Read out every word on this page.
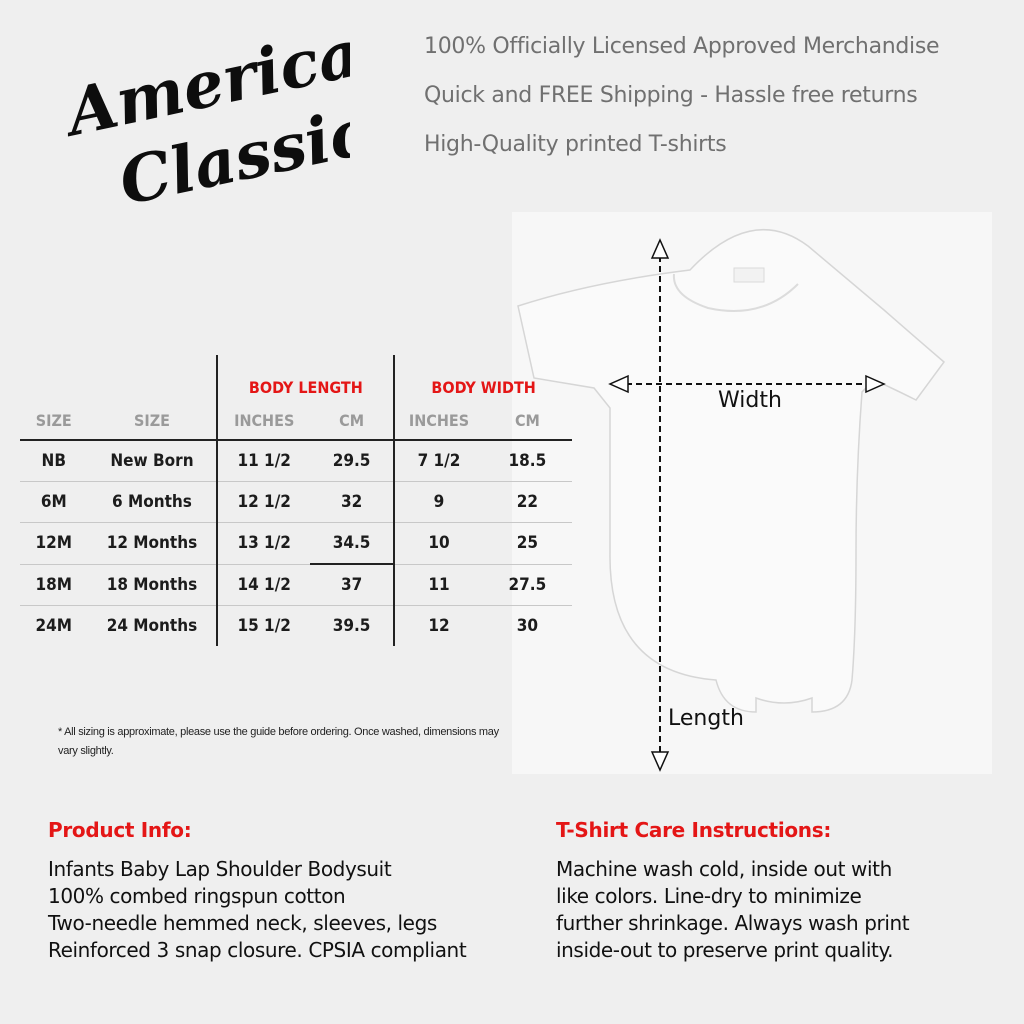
American
Classics
100% Officially Licensed Approved Merchandise
Quick and FREE Shipping - Hassle free returns
High-Quality printed T-shirts
Width
Length
		BODY LENGTH		BODY WIDTH	
SIZE	SIZE	INCHES	CM	INCHES	CM
NB	New Born	11 1/2	29.5	7 1/2	18.5
6M	6 Months	12 1/2	32	9	22
12M	12 Months	13 1/2	34.5	10	25
18M	18 Months	14 1/2	37	11	27.5
24M	24 Months	15 1/2	39.5	12	30
* All sizing is approximate, please use the guide before ordering. Once washed, dimensions may vary slightly.
Product Info:
Infants Baby Lap Shoulder Bodysuit
100% combed ringspun cotton
Two-needle hemmed neck, sleeves, legs
Reinforced 3 snap closure. CPSIA compliant
T-Shirt Care Instructions:
Machine wash cold, inside out with
like colors. Line-dry to minimize
further shrinkage. Always wash print
inside-out to preserve print quality.
